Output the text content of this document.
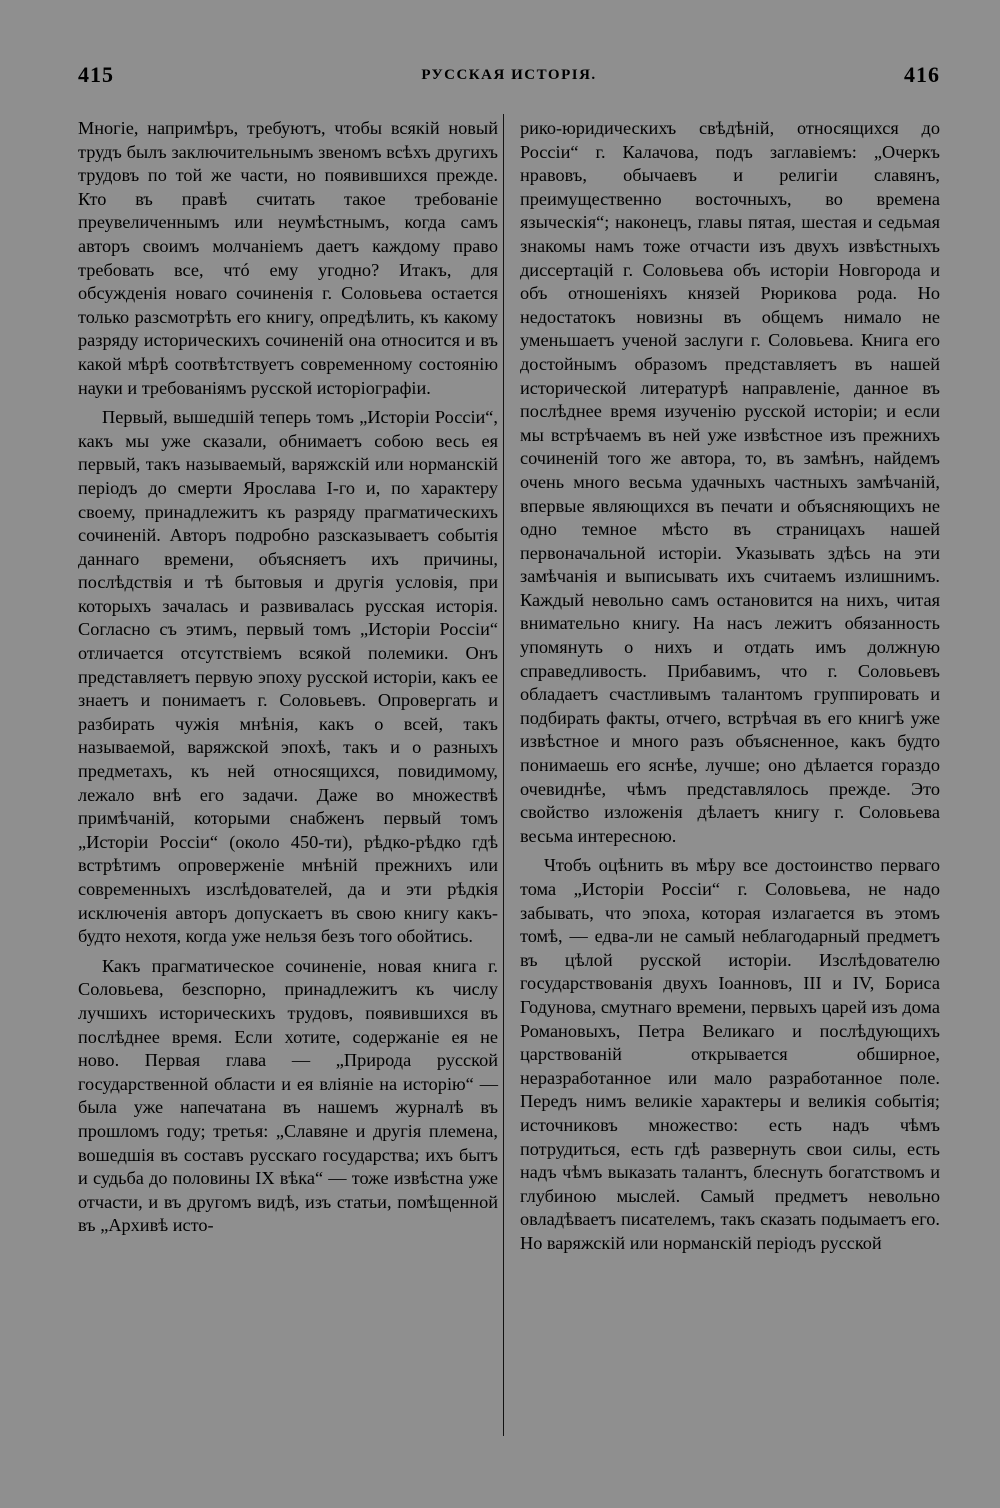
415	РУССКАЯ ИСТОРІЯ.	416

Многіе, напримѣръ, требуютъ, чтобы всякій новый трудъ былъ заключительнымъ звеномъ всѣхъ другихъ трудовъ по той же части, но появившихся прежде. Кто въ правѣ считать такое требованіе преувеличеннымъ или неумѣстнымъ, когда самъ авторъ своимъ молчаніемъ даетъ каждому право требовать все, чтó ему угодно? Итакъ, для обсужденія новаго сочиненія г. Соловьева остается только разсмотрѣть его книгу, опредѣлить, къ какому разряду историческихъ сочиненій она относится и въ какой мѣрѣ соотвѣтствуетъ современному состоянію науки и требованіямъ русской исторіографіи.

Первый, вышедшій теперь томъ „Исторіи Россіи“, какъ мы уже сказали, обнимаетъ собою весь ея первый, такъ называемый, варяжскій или норманскій періодъ до смерти Ярослава І-го и, по характеру своему, принадлежитъ къ разряду прагматическихъ сочиненій. Авторъ подробно разсказываетъ событія даннаго времени, объясняетъ ихъ причины, послѣдствія и тѣ бытовыя и другія условія, при которыхъ зачалась и развивалась русская исторія. Согласно съ этимъ, первый томъ „Исторіи Россіи“ отличается отсутствіемъ всякой полемики. Онъ представляетъ первую эпоху русской исторіи, какъ ее знаетъ и понимаетъ г. Соловьевъ. Опровергать и разбирать чужія мнѣнія, какъ о всей, такъ называемой, варяжской эпохѣ, такъ и о разныхъ предметахъ, къ ней относящихся, повидимому, лежало внѣ его задачи. Даже во множествѣ примѣчаній, которыми снабженъ первый томъ „Исторіи Россіи“ (около 450-ти), рѣдко-рѣдко гдѣ встрѣтимъ опроверженіе мнѣній прежнихъ или современныхъ изслѣдователей, да и эти рѣдкія исключенія авторъ допускаетъ въ свою книгу какъ-будто нехотя, когда уже нельзя безъ того обойтись.

Какъ прагматическое сочиненіе, новая книга г. Соловьева, безспорно, принадлежитъ къ числу лучшихъ историческихъ трудовъ, появившихся въ послѣднее время. Если хотите, содержаніе ея не ново. Первая глава — „Природа русской государственной области и ея вліяніе на исторію“ — была уже напечатана въ нашемъ журналѣ въ прошломъ году; третья: „Славяне и другія племена, вошедшія въ составъ русскаго государства; ихъ бытъ и судьба до половины IX вѣка“ — тоже извѣстна уже отчасти, и въ другомъ видѣ, изъ статьи, помѣщенной въ „Архивѣ исто-

рико-юридическихъ свѣдѣній, относящихся до Россіи“ г. Калачова, подъ заглавіемъ: „Очеркъ нравовъ, обычаевъ и религіи славянъ, преимущественно восточныхъ, во времена языческія“; наконецъ, главы пятая, шестая и седьмая знакомы намъ тоже отчасти изъ двухъ извѣстныхъ диссертацій г. Соловьева объ исторіи Новгорода и объ отношеніяхъ князей Рюрикова рода. Но недостатокъ новизны въ общемъ нимало не уменьшаетъ ученой заслуги г. Соловьева. Книга его достойнымъ образомъ представляетъ въ нашей исторической литературѣ направленіе, данное въ послѣднее время изученію русской исторіи; и если мы встрѣчаемъ въ ней уже извѣстное изъ прежнихъ сочиненій того же автора, то, въ замѣнъ, найдемъ очень много весьма удачныхъ частныхъ замѣчаній, впервые являющихся въ печати и объясняющихъ не одно темное мѣсто въ страницахъ нашей первоначальной исторіи. Указывать здѣсь на эти замѣчанія и выписывать ихъ считаемъ излишнимъ. Каждый невольно самъ остановится на нихъ, читая внимательно книгу. На насъ лежитъ обязанность упомянуть о нихъ и отдать имъ должную справедливость. Прибавимъ, что г. Соловьевъ обладаетъ счастливымъ талантомъ группировать и подбирать факты, отчего, встрѣчая въ его книгѣ уже извѣстное и много разъ объясненное, какъ будто понимаешь его яснѣе, лучше; оно дѣлается гораздо очевиднѣе, чѣмъ представлялось прежде. Это свойство изложенія дѣлаетъ книгу г. Соловьева весьма интересною.

Чтобъ оцѣнить въ мѣру все достоинство перваго тома „Исторіи Россіи“ г. Соловьева, не надо забывать, что эпоха, которая излагается въ этомъ томѣ, — едва-ли не самый неблагодарный предметъ въ цѣлой русской исторіи. Изслѣдователю государствованія двухъ Іоанновъ, III и IV, Бориса Годунова, смутнаго времени, первыхъ царей изъ дома Романовыхъ, Петра Великаго и послѣдующихъ царствованій открывается обширное, неразработанное или мало разработанное поле. Передъ нимъ великіе характеры и великія событія; источниковъ множество: есть надъ чѣмъ потрудиться, есть гдѣ развернуть свои силы, есть надъ чѣмъ выказать талантъ, блеснуть богатствомъ и глубиною мыслей. Самый предметъ невольно овладѣваетъ писателемъ, такъ сказать подымаетъ его. Но варяжскій или норманскій періодъ русской
